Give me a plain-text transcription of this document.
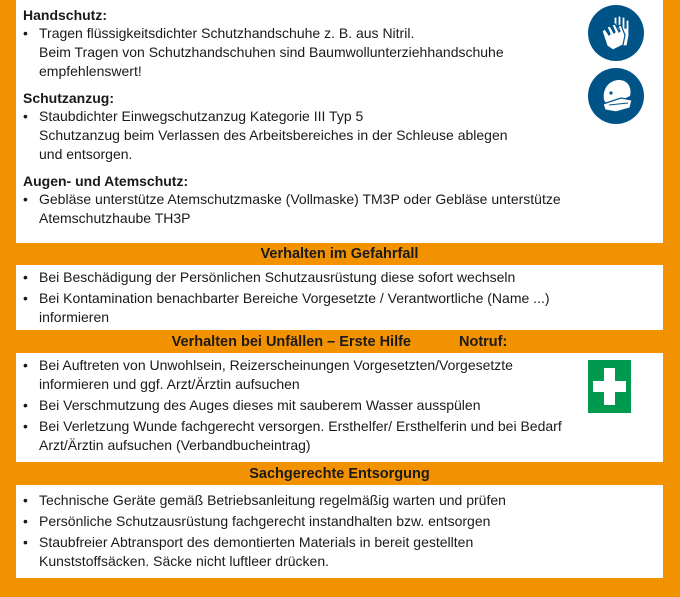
Handschutz:

• Tragen flüssigkeitsdichter Schutzhandschuhe z. B. aus Nitril.
Beim Tragen von Schutzhandschuhen sind Baumwollunterziehhandschuhe
empfehlenswert!

Schutzanzug:

• Staubdichter Einwegschutzanzug Kategorie III Typ 5
Schutzanzug beim Verlassen des Arbeitsbereiches in der Schleuse ablegen
und entsorgen.

Augen- und Atemschutz:

• Gebläse unterstütze Atemschutzmaske (Vollmaske) TM3P oder Gebläse unterstütze
Atemschutzhaube TH3P
Verhalten im Gefahrfall
• Bei Beschädigung der Persönlichen Schutzausrüstung diese sofort wechseln
• Bei Kontamination benachbarter Bereiche Vorgesetzte / Verantwortliche (Name ...)
informieren
Verhalten bei Unfällen – Erste Hilfe	Notruf:
• Bei Auftreten von Unwohlsein, Reizerscheinungen Vorgesetzten/Vorgesetzte
informieren und ggf. Arzt/Ärztin aufsuchen
• Bei Verschmutzung des Auges dieses mit sauberem Wasser ausspülen
• Bei Verletzung Wunde fachgerecht versorgen. Ersthelfer/ Ersthelferin und bei Bedarf
Arzt/Ärztin aufsuchen (Verbandbucheintrag)
Sachgerechte Entsorgung
• Technische Geräte gemäß Betriebsanleitung regelmäßig warten und prüfen
• Persönliche Schutzausrüstung fachgerecht instandhalten bzw. entsorgen
• Staubfreier Abtransport des demontierten Materials in bereit gestellten
Kunststoffsäcken. Säcke nicht luftleer drücken.
